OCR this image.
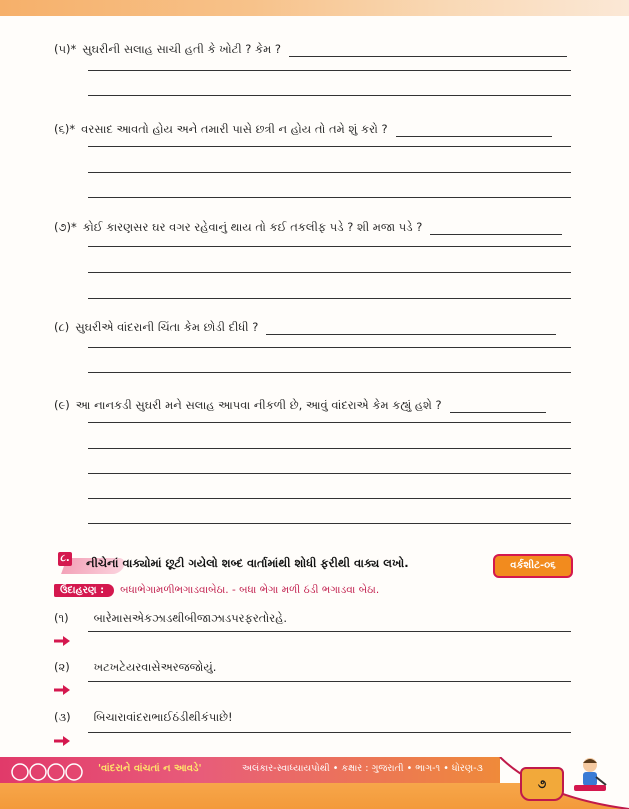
(૫)* સુઘરીની સલાહ સાચી હતી કે ખોટી ? કેમ ?
(૬)* વરસાદ આવતો હોય અને તમારી પાસે છત્રી ન હોય તો તમે શું કરો ?
(૭)* કોઈ કારણસર ઘર વગર રહેવાનું થાય તો કઈ તકલીફ પડે ? શી મજા પડે ?
(૮) સુઘરીએ વાંદરાની ચિંતા કેમ છોડી દીધી ?
(૯) આ નાનકડી સુઘરી મને સલાહ આપવા નીકળી છે, આવું વાંદરાએ કેમ કહ્યું હશે ?
૮. નીચેનાં વાક્યોમાં છૂટી ગયેલો શબ્દ વાર્તામાંથી શોધી ફરીથી વાક્ય લખો.	વર્કશીટ-૦૬
ઉદાહરણ :	બધાભેગામળીભગાડવાબેઠા. - બધા ભેગા મળી ઠંડી ભગાડવા બેઠા.
(૧) બારેમાસએકઝાડથીબીજાઝાડપરફરતોરહે.
(૨) ખટખટેયરવાસેઅરજજોયું.
(૩) બિચારાવાંદરાભાઈઠંડીથીકંપાછે!
'વાંદરાને વાંચતાં ન આવડે'	અલંકાર-સ્વાધ્યાયપોથી • કક્ષાર : ગુજરાતી • ભાગ-૧ • ધોરણ-૩
૭
